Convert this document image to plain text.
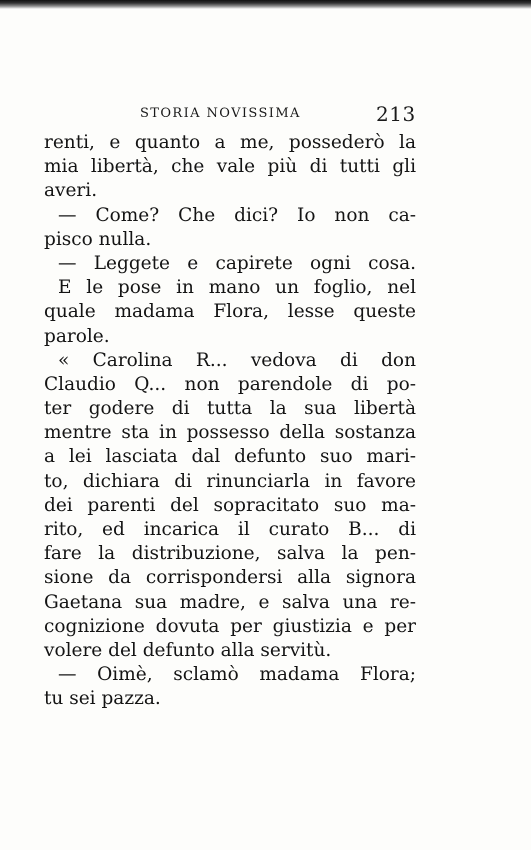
STORIA NOVISSIMA	213
renti, e quanto a me, possederò la
mia libertà, che vale più di tutti gli
averi.
— Come? Che dici? Io non ca-
pisco nulla.
— Leggete e capirete ogni cosa.
E le pose in mano un foglio, nel
quale madama Flora, lesse queste
parole.
« Carolina R... vedova di don
Claudio Q... non parendole di po-
ter godere di tutta la sua libertà
mentre sta in possesso della sostanza
a lei lasciata dal defunto suo mari-
to, dichiara di rinunciarla in favore
dei parenti del sopracitato suo ma-
rito, ed incarica il curato B... di
fare la distribuzione, salva la pen-
sione da corrispondersi alla signora
Gaetana sua madre, e salva una re-
cognizione dovuta per giustizia e per
volere del defunto alla servitù.
— Oimè, sclamò madama Flora;
tu sei pazza.
